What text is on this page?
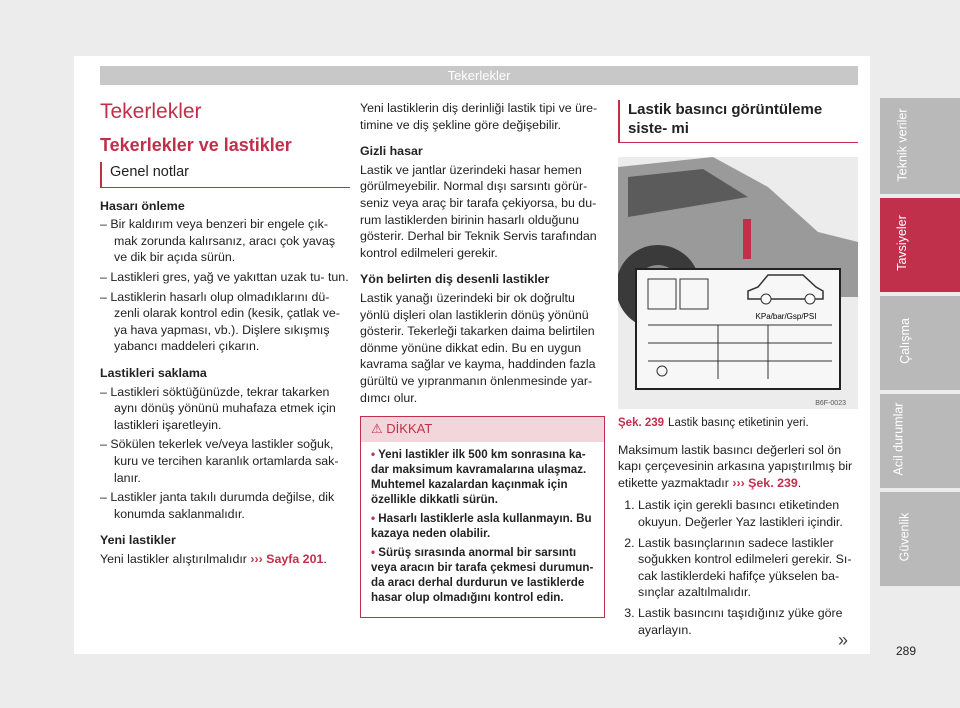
Tekerlekler
Tekerlekler
Tekerlekler ve lastikler
Genel notlar
Hasarı önleme

– Bir kaldırım veya benzeri bir engele çık- mak zorunda kalırsanız, aracı çok yavaş ve dik bir açıda sürün.

– Lastikleri gres, yağ ve yakıttan uzak tu- tun.

– Lastiklerin hasarlı olup olmadıklarını dü- zenli olarak kontrol edin (kesik, çatlak ve- ya hava yapması, vb.). Dişlere sıkışmış yabancı maddeleri çıkarın.

Lastikleri saklama

– Lastikleri söktüğünüzde, tekrar takarken aynı dönüş yönünü muhafaza etmek için lastikleri işaretleyin.

– Sökülen tekerlek ve/veya lastikler soğuk, kuru ve tercihen karanlık ortamlarda sak- lanır.

– Lastikler janta takılı durumda değilse, dik konumda saklanmalıdır.

Yeni lastikler

Yeni lastikler alıştırılmalıdır ››› Sayfa 201.

Yeni lastiklerin diş derinliği lastik tipi ve üre- timine ve diş şekline göre değişebilir.

Gizli hasar

Lastik ve jantlar üzerindeki hasar hemen görülmeyebilir. Normal dışı sarsıntı görür- seniz veya araç bir tarafa çekiyorsa, bu du- rum lastiklerden birinin hasarlı olduğunu gösterir. Derhal bir Teknik Servis tarafından kontrol edilmeleri gerekir.

Yön belirten diş desenli lastikler

Lastik yanağı üzerindeki bir ok doğrultu yönlü dişleri olan lastiklerin dönüş yönünü gösterir. Tekerleği takarken daima belirtilen dönme yönüne dikkat edin. Bu en uygun kavrama sağlar ve kayma, haddinden fazla gürültü ve yıpranmanın önlenmesinde yar- dımcı olur.

⚠ DİKKAT
• Yeni lastikler ilk 500 km sonrasına ka- dar maksimum kavramalarına ulaşmaz. Muhtemel kazalardan kaçınmak için özellikle dikkatli sürün.
• Hasarlı lastiklerle asla kullanmayın. Bu kazaya neden olabilir.
• Sürüş sırasında anormal bir sarsıntı veya aracın bir tarafa çekmesi durumun- da aracı derhal durdurun ve lastiklerde hasar olup olmadığını kontrol edin.
Lastik basıncı görüntüleme siste- mi
KPa/bar/Gsp/PSI
B6F-0023
Şek. 239 Lastik basınç etiketinin yeri.

Maksimum lastik basıncı değerleri sol ön kapı çerçevesinin arkasına yapıştırılmış bir etikette yazmaktadır ››› Şek. 239.

1. Lastik için gerekli basıncı etiketinden okuyun. Değerler Yaz lastikleri içindir.
2. Lastik basınçlarının sadece lastikler soğukken kontrol edilmeleri gerekir. Sı- cak lastiklerdeki hafifçe yükselen ba- sınçlar azaltılmalıdır.
3. Lastik basıncını taşıdığınız yüke göre ayarlayın.
»
Teknik veriler
Tavsiyeler
Çalışma
Acil durumlar
Güvenlik
289
